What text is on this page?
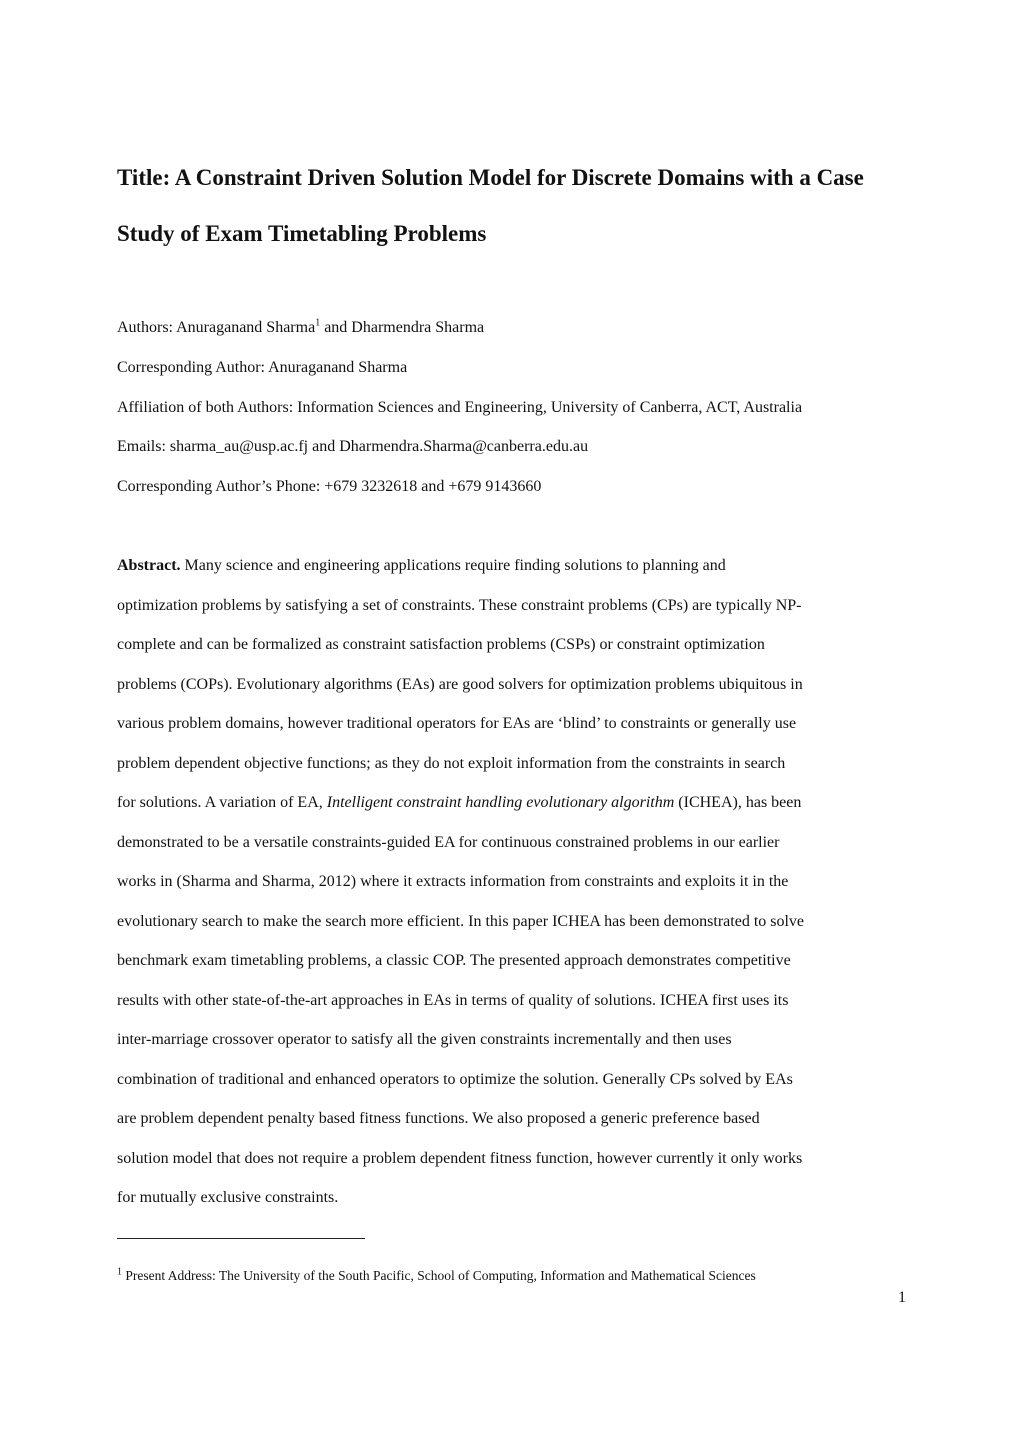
Title: A Constraint Driven Solution Model for Discrete Domains with a Case
Study of Exam Timetabling Problems

Authors: Anuraganand Sharma$^1$ and Dharmendra Sharma

Corresponding Author: Anuraganand Sharma

Affiliation of both Authors: Information Sciences and Engineering, University of Canberra, ACT, Australia

Emails: sharma_au@usp.ac.fj and Dharmendra.Sharma@canberra.edu.au

Corresponding Author’s Phone: +679 3232618 and +679 9143660

Abstract. Many science and engineering applications require finding solutions to planning and
optimization problems by satisfying a set of constraints. These constraint problems (CPs) are typically NP-
complete and can be formalized as constraint satisfaction problems (CSPs) or constraint optimization
problems (COPs). Evolutionary algorithms (EAs) are good solvers for optimization problems ubiquitous in
various problem domains, however traditional operators for EAs are ‘blind’ to constraints or generally use
problem dependent objective functions; as they do not exploit information from the constraints in search
for solutions. A variation of EA, Intelligent constraint handling evolutionary algorithm (ICHEA), has been
demonstrated to be a versatile constraints-guided EA for continuous constrained problems in our earlier
works in (Sharma and Sharma, 2012) where it extracts information from constraints and exploits it in the
evolutionary search to make the search more efficient. In this paper ICHEA has been demonstrated to solve
benchmark exam timetabling problems, a classic COP. The presented approach demonstrates competitive
results with other state-of-the-art approaches in EAs in terms of quality of solutions. ICHEA first uses its
inter-marriage crossover operator to satisfy all the given constraints incrementally and then uses
combination of traditional and enhanced operators to optimize the solution. Generally CPs solved by EAs
are problem dependent penalty based fitness functions. We also proposed a generic preference based
solution model that does not require a problem dependent fitness function, however currently it only works
for mutually exclusive constraints.

$^1$ Present Address: The University of the South Pacific, School of Computing, Information and Mathematical Sciences

1
